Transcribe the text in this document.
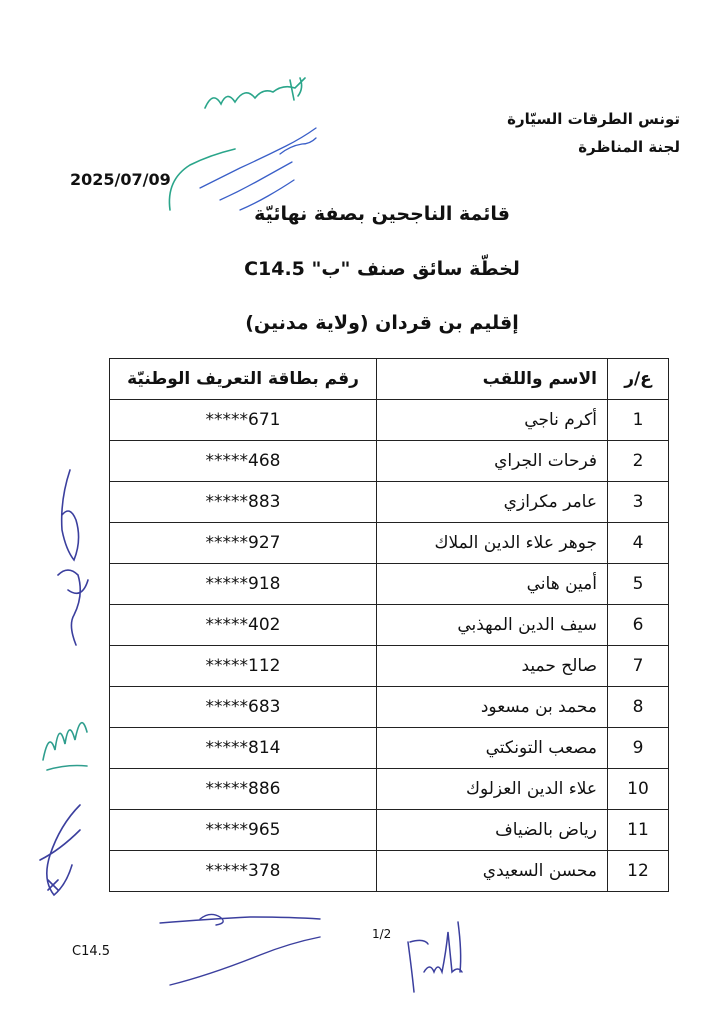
تونس الطرقات السيّارة
لجنة المناظرة
2025/07/09
قائمة الناجحين بصفة نهائيّة
لخطّة سائق صنف "ب" C14.5
إقليم بن قردان (ولاية مدنين)
ع/ر	الاسم واللقب	رقم بطاقة التعريف الوطنيّة
1	أكرم ناجي	*****671
2	فرحات الجراي	*****468
3	عامر مكرازي	*****883
4	جوهر علاء الدين الملاك	*****927
5	أمين هاني	*****918
6	سيف الدين المهذبي	*****402
7	صالح حميد	*****112
8	محمد بن مسعود	*****683
9	مصعب التونكتي	*****814
10	علاء الدين العزلوك	*****886
11	رياض بالضياف	*****965
12	محسن السعيدي	*****378
1/2
C14.5
